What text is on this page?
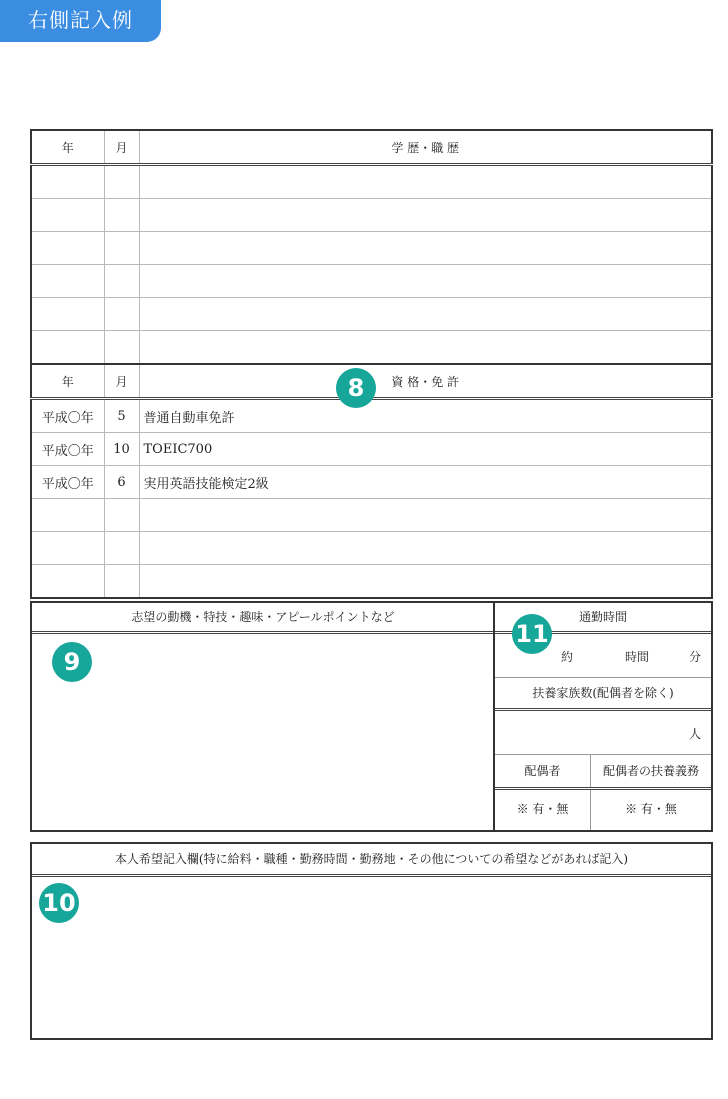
右側記入例
年	月	学 歴・職 歴

年	月	資 格・免 許
平成〇年	5	普通自動車免許
平成〇年	10	TOEIC700
平成〇年	6	実用英語技能検定2級

8
志望の動機・特技・趣味・アピールポイントなど
9
通勤時間
約	時間	分
扶養家族数(配偶者を除く)
人
配偶者	配偶者の扶養義務
※ 有・無	※ 有・無
11
本人希望記入欄(特に給料・職種・勤務時間・勤務地・その他についての希望などがあれば記入)
10
